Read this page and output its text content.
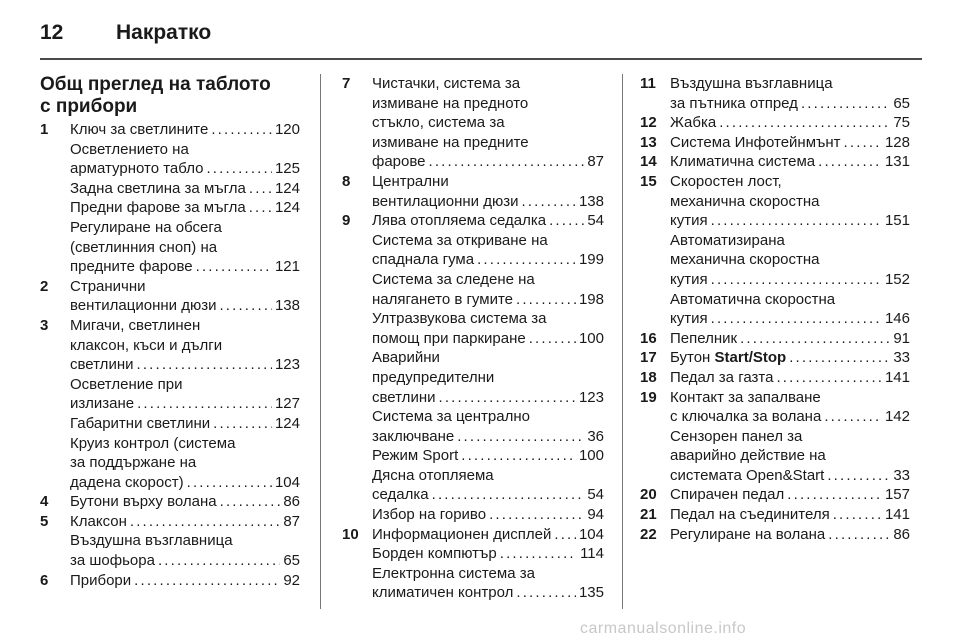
12	Накратко
Общ преглед на таблото
с прибори
1	Ключ за светлините . . .	120
Осветлението на
арматурното табло . . .	125
Задна светлина за мъгла . . . 124
Предни фарове за мъгла . . . 124
Регулиране на обсега
(светлинния сноп) на
предните фарове . . .	121
2	Странични
вентилационни дюзи . . .	138
3	Мигачи, светлинен
клаксон, къси и дълги
светлини . . .	123
Осветление при
излизане . . .	127
Габаритни светлини . . .	124
Круиз контрол (система
за поддържане на
дадена скорост) . . .	104
4	Бутони върху волана . . .	86
5	Клаксон . . .	87
Въздушна възглавница
за шофьора . . .	65
6	Прибори . . .	92
7	Чистачки, система за
измиване на предното
стъкло, система за
измиване на предните
фарове . . .	87
8	Централни
вентилационни дюзи . . .	138
9	Лява отопляема седалка . . .	54
Система за откриване на
спаднала гума . . .	199
Система за следене на
налягането в гумите . . .	198
Ултразвукова система за
помощ при паркиране . . .	100
Аварийни
предупредителни
светлини . . .	123
Система за централно
заключване . . .	36
Режим Sport . . .	100
Дясна отопляема
седалка . . .	54
Избор на гориво . . .	94
10 Информационен дисплей . . . 104
Борден компютър . . .	114
Електронна система за
климатичен контрол . . .	135
11 Въздушна възглавница
за пътника отпред . . .	65
12 Жабка . . .	75
13 Система Инфотейнмънт . . .	128
14 Климатична система . . .	131
15 Скоростен лост,
механична скоростна
кутия . . .	151
Автоматизирана
механична скоростна
кутия . . .	152
Автоматична скоростна
кутия . . .	146
16 Пепелник . . .	91
17 Бутон Start/Stop . . .	33
18 Педал за газта . . .	141
19 Контакт за запалване
с ключалка за волана . . .	142
Сензорен панел за
аварийно действие на
системата Open&Start . . .	33
20 Спирачен педал . . .	157
21 Педал на съединителя . . .	141
22 Регулиране на волана . . .	86
carmanualsonline.info
